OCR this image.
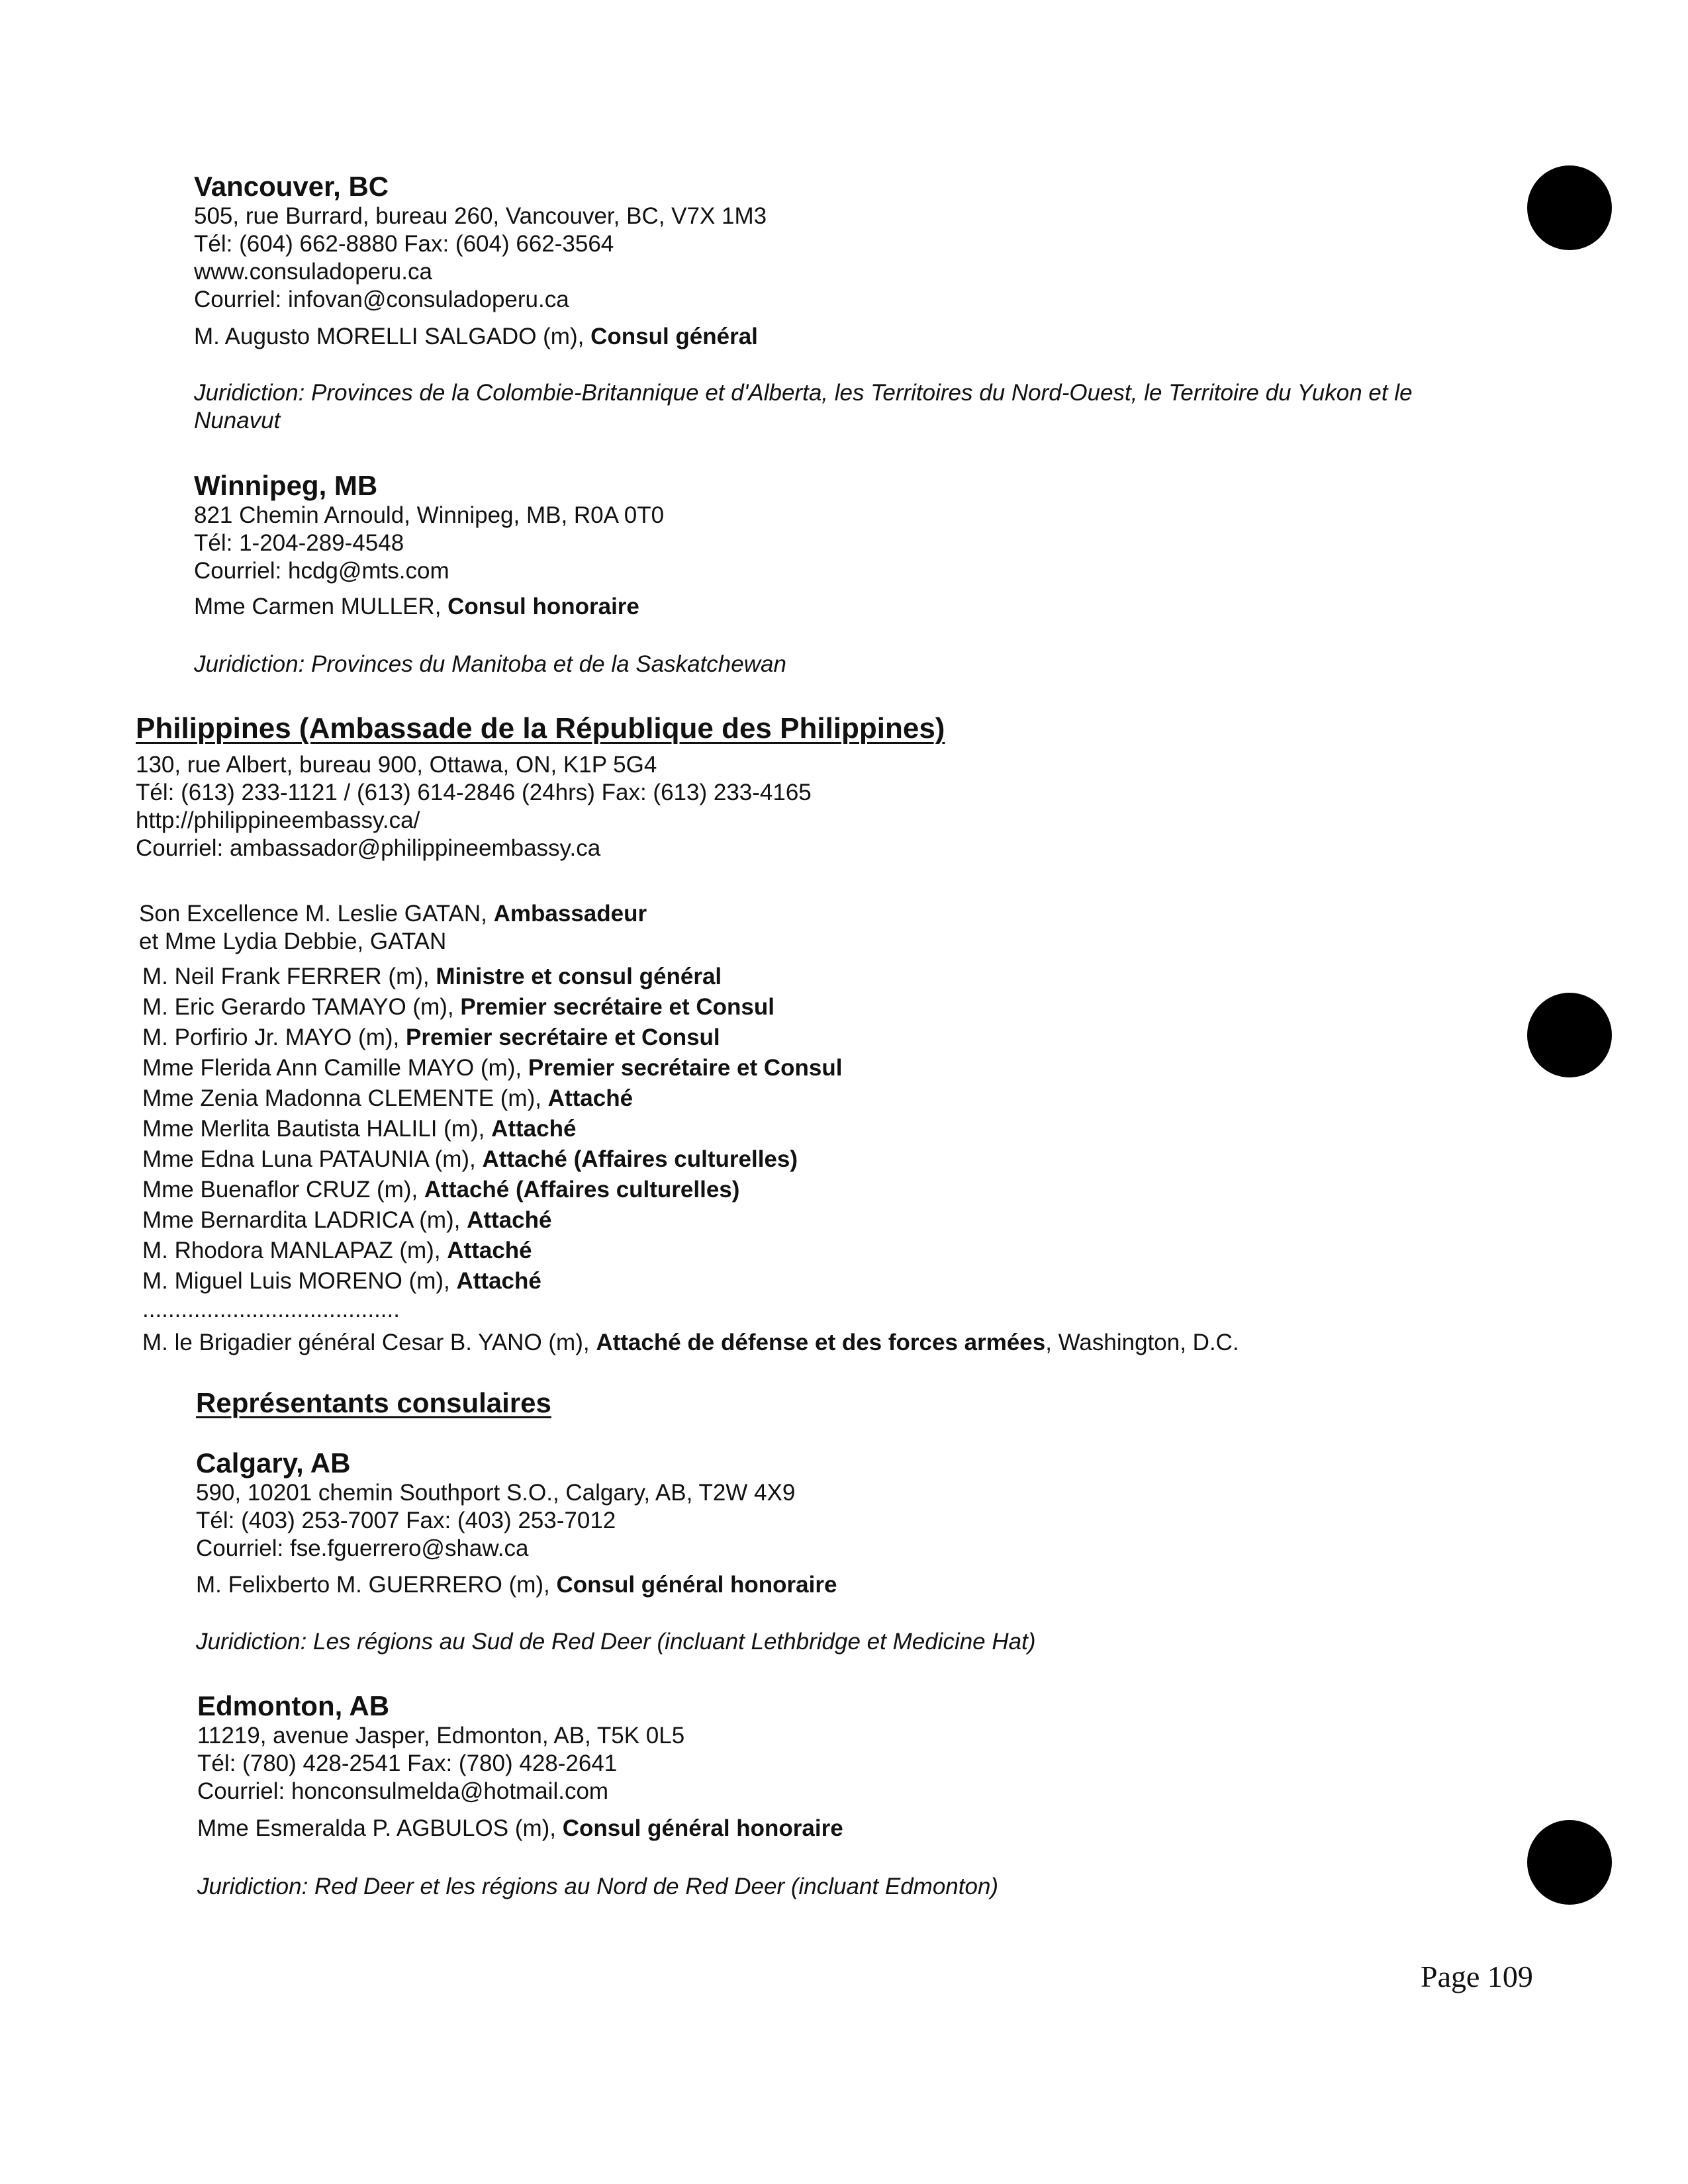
Vancouver, BC
505, rue Burrard, bureau 260, Vancouver, BC, V7X 1M3
Tél: (604) 662-8880 Fax: (604) 662-3564
www.consuladoperu.ca
Courriel: infovan@consuladoperu.ca
M. Augusto MORELLI SALGADO (m), Consul général
Juridiction: Provinces de la Colombie-Britannique et d'Alberta, les Territoires du Nord-Ouest, le Territoire du Yukon et le
Nunavut
Winnipeg, MB
821 Chemin Arnould, Winnipeg, MB, R0A 0T0
Tél: 1-204-289-4548
Courriel: hcdg@mts.com
Mme Carmen MULLER, Consul honoraire
Juridiction: Provinces du Manitoba et de la Saskatchewan
Philippines (Ambassade de la République des Philippines)
130, rue Albert, bureau 900, Ottawa, ON, K1P 5G4
Tél: (613) 233-1121 / (613) 614-2846 (24hrs) Fax: (613) 233-4165
http://philippineembassy.ca/
Courriel: ambassador@philippineembassy.ca
Son Excellence M. Leslie GATAN, Ambassadeur
et Mme Lydia Debbie, GATAN
M. Neil Frank FERRER (m), Ministre et consul général
M. Eric Gerardo TAMAYO (m), Premier secrétaire et Consul
M. Porfirio Jr. MAYO (m), Premier secrétaire et Consul
Mme Flerida Ann Camille MAYO (m), Premier secrétaire et Consul
Mme Zenia Madonna CLEMENTE (m), Attaché
Mme Merlita Bautista HALILI (m), Attaché
Mme Edna Luna PATAUNIA (m), Attaché (Affaires culturelles)
Mme Buenaflor CRUZ (m), Attaché (Affaires culturelles)
Mme Bernardita LADRICA (m), Attaché
M. Rhodora MANLAPAZ (m), Attaché
M. Miguel Luis MORENO (m), Attaché
........................................
M. le Brigadier général Cesar B. YANO (m), Attaché de défense et des forces armées, Washington, D.C.
Représentants consulaires
Calgary, AB
590, 10201 chemin Southport S.O., Calgary, AB, T2W 4X9
Tél: (403) 253-7007 Fax: (403) 253-7012
Courriel: fse.fguerrero@shaw.ca
M. Felixberto M. GUERRERO (m), Consul général honoraire
Juridiction: Les régions au Sud de Red Deer (incluant Lethbridge et Medicine Hat)
Edmonton, AB
11219, avenue Jasper, Edmonton, AB, T5K 0L5
Tél: (780) 428-2541 Fax: (780) 428-2641
Courriel: honconsulmelda@hotmail.com
Mme Esmeralda P. AGBULOS (m), Consul général honoraire
Juridiction: Red Deer et les régions au Nord de Red Deer (incluant Edmonton)
Page 109
